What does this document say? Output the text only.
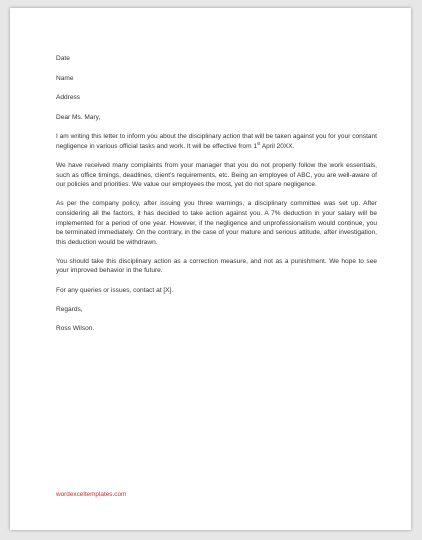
Date
Name
Address
Dear Ms. Mary,

I am writing this letter to inform you about the disciplinary action that will be taken against you for your constant negligence in various official tasks and work. It will be effective from 1st April 20XX.

We have received many complaints from your manager that you do not properly follow the work essentials, such as office timings, deadlines, client’s requirements, etc. Being an employee of ABC, you are well-aware of our policies and priorities. We value our employees the most, yet do not spare negligence.

As per the company policy, after issuing you three warnings, a disciplinary committee was set up. After considering all the factors, it has decided to take action against you. A 7% deduction in your salary will be implemented for a period of one year. However, if the negligence and unprofessionalism would continue, you be terminated immediately. On the contrary, in the case of your mature and serious attitude, after investigation, this deduction would be withdrawn.

You should take this disciplinary action as a correction measure, and not as a punishment. We hope to see your improved behavior in the future.

For any queries or issues, contact at [X].

Regards,
Ross Wilson.
wordexceltemplates.com
